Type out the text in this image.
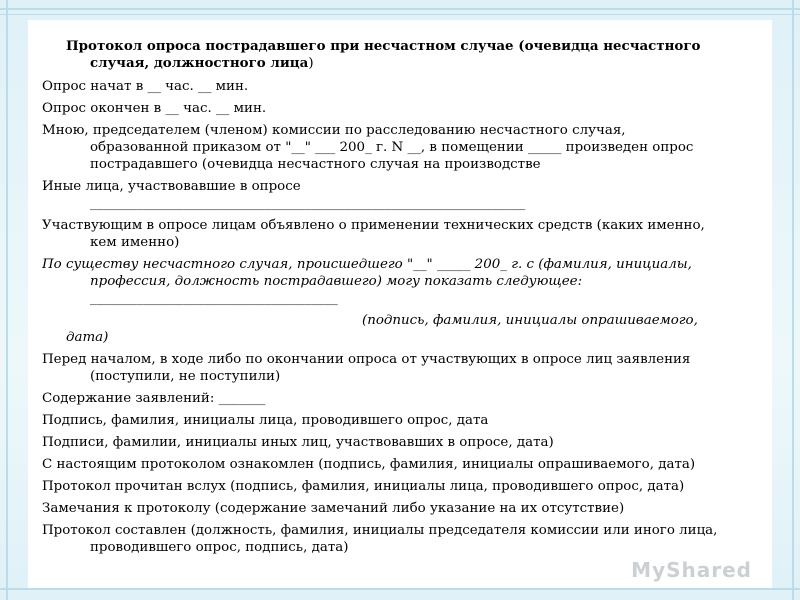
Протокол опроса пострадавшего при несчастном случае (очевидца несчастного
случая, должностного лица)

Опрос начат в __ час. __ мин.

Опрос окончен в __ час. __ мин.

Мною, председателем (членом) комиссии по расследованию несчастного случая,
образованной приказом от "__" ___ 200_ г. N __, в помещении _____ произведен опрос
пострадавшего (очевидца несчастного случая на производстве

Иные лица, участвовавшие в опросе
_________________________________________________________________

Участвующим в опросе лицам объявлено о применении технических средств (каких именно,
кем именно)

По существу несчастного случая, происшедшего "__" _____ 200_ г. с (фамилия, инициалы,
профессия, должность пострадавшего) могу показать следующее:
_____________________________________

(подпись, фамилия, инициалы опрашиваемого,

дата)

Перед началом, в ходе либо по окончании опроса от участвующих в опросе лиц заявления
(поступили, не поступили)

Содержание заявлений: _______

Подпись, фамилия, инициалы лица, проводившего опрос, дата

Подписи, фамилии, инициалы иных лиц, участвовавших в опросе, дата)

С настоящим протоколом ознакомлен (подпись, фамилия, инициалы опрашиваемого, дата)

Протокол прочитан вслух (подпись, фамилия, инициалы лица, проводившего опрос, дата)

Замечания к протоколу (содержание замечаний либо указание на их отсутствие)

Протокол составлен (должность, фамилия, инициалы председателя комиссии или иного лица,
проводившего опрос, подпись, дата)

MyShared
